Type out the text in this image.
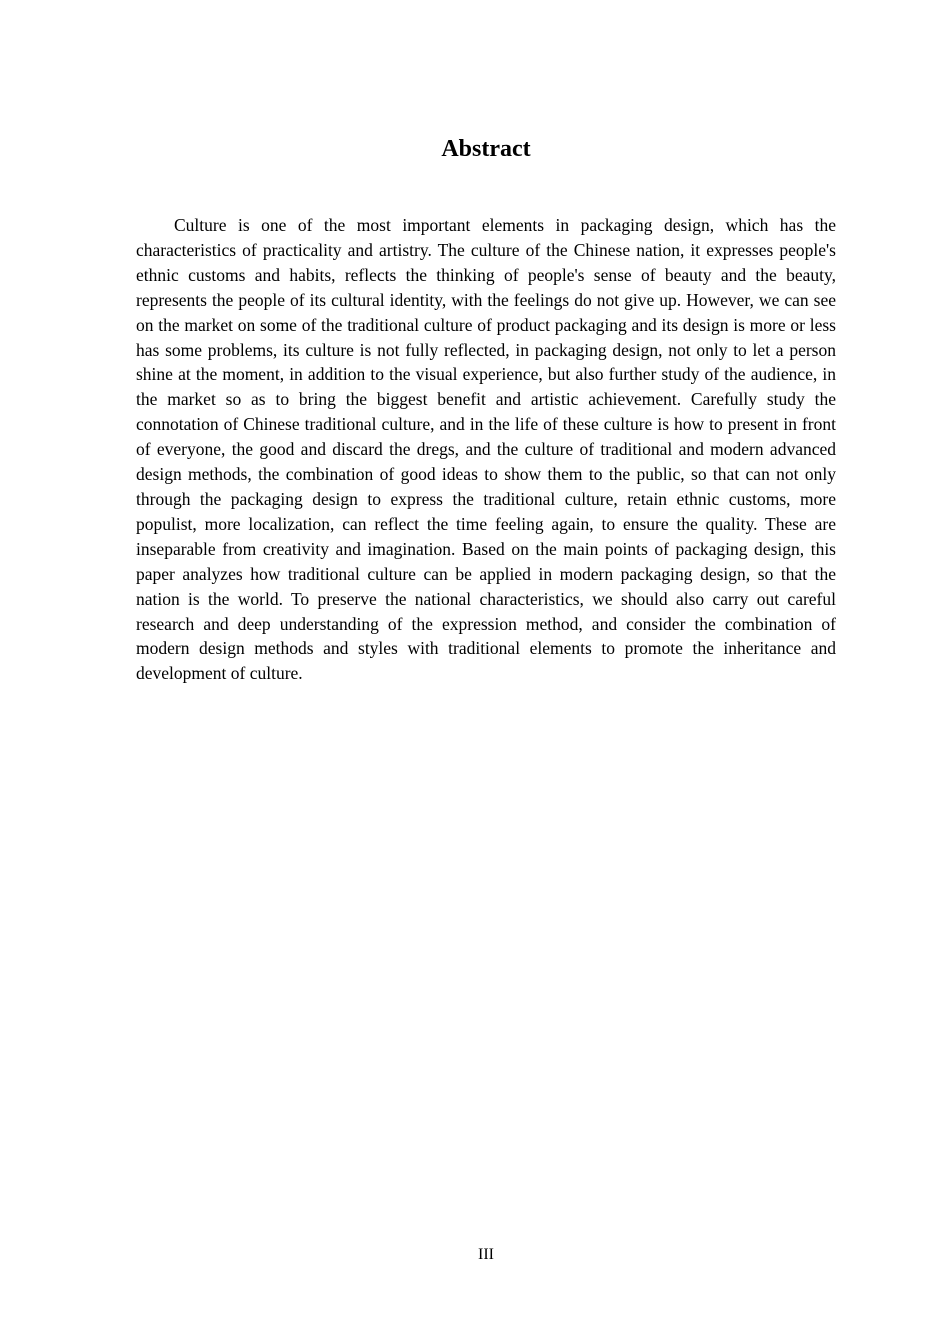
Abstract

Culture is one of the most important elements in packaging design, which has the characteristics of practicality and artistry. The culture of the Chinese nation, it expresses people's ethnic customs and habits, reflects the thinking of people's sense of beauty and the beauty, represents the people of its cultural identity, with the feelings do not give up. However, we can see on the market on some of the traditional culture of product packaging and its design is more or less has some problems, its culture is not fully reflected, in packaging design, not only to let a person shine at the moment, in addition to the visual experience, but also further study of the audience, in the market so as to bring the biggest benefit and artistic achievement. Carefully study the connotation of Chinese traditional culture, and in the life of these culture is how to present in front of everyone, the good and discard the dregs, and the culture of traditional and modern advanced design methods, the combination of good ideas to show them to the public, so that can not only through the packaging design to express the traditional culture, retain ethnic customs, more populist, more localization, can reflect the time feeling again, to ensure the quality. These are inseparable from creativity and imagination. Based on the main points of packaging design, this paper analyzes how traditional culture can be applied in modern packaging design, so that the nation is the world. To preserve the national characteristics, we should also carry out careful research and deep understanding of the expression method, and consider the combination of modern design methods and styles with traditional elements to promote the inheritance and development of culture.

III
